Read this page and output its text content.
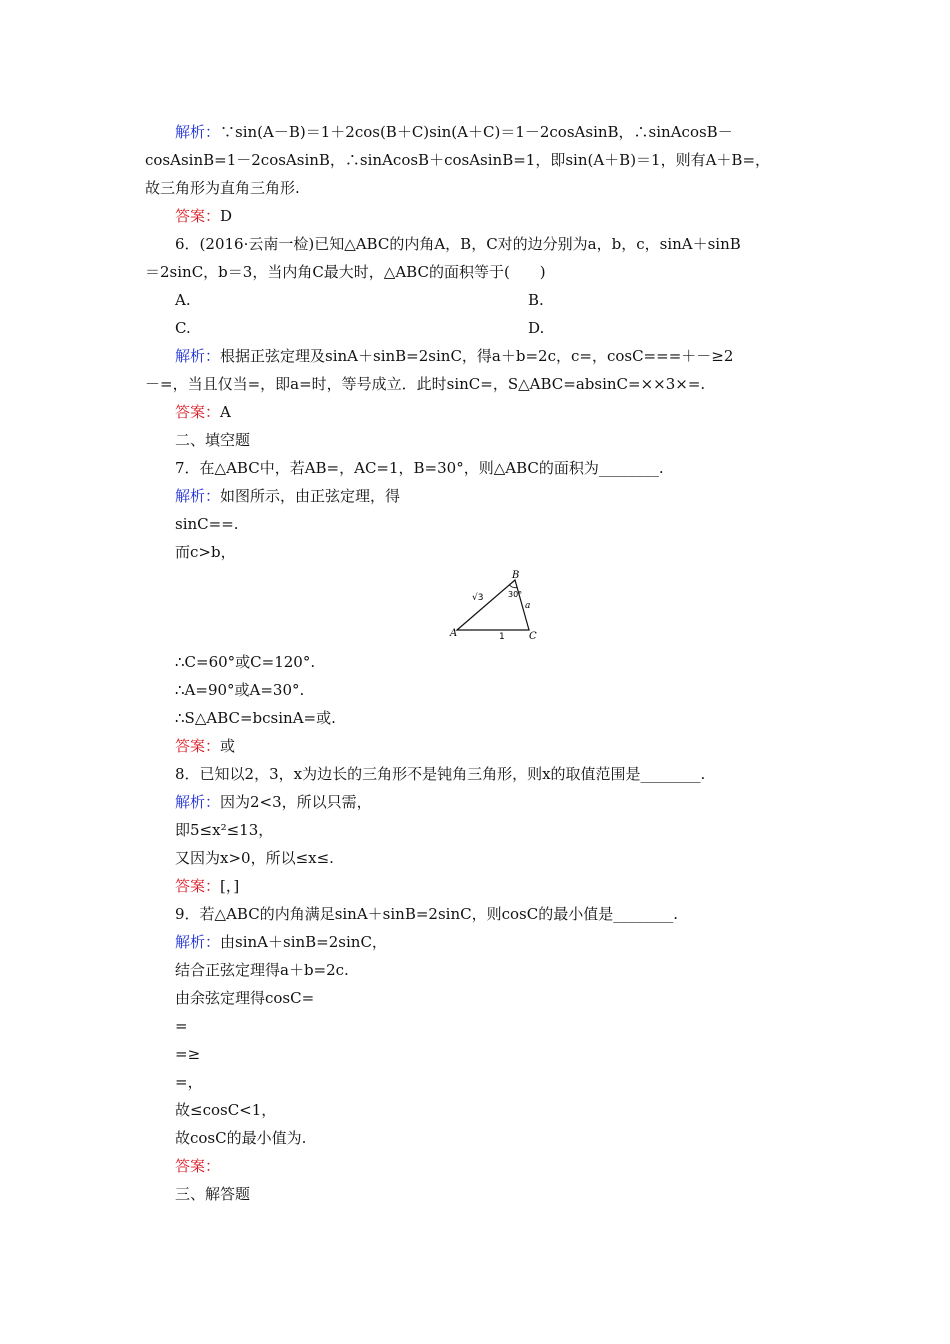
解析：∵sin(A－B)＝1＋2cos(B＋C)sin(A＋C)＝1－2cosAsinB，∴sinAcosB－
cosAsinB=1－2cosAsinB，∴sinAcosB＋cosAsinB=1，即sin(A＋B)＝1，则有A＋B=，
故三角形为直角三角形.
答案：D
6．(2016·云南一检)已知△ABC的内角A，B，C对的边分别为a，b，c，sinA＋sinB
＝2sinC，b＝3，当内角C最大时，△ABC的面积等于(　　)
解析：根据正弦定理及sinA＋sinB=2sinC，得a＋b=2c，c=，cosC===＋－≥2
－=，当且仅当=，即a=时，等号成立．此时sinC=，S△ABC=absinC=××3×=.
答案：A
二、填空题
7．在△ABC中，若AB=，AC=1，B=30°，则△ABC的面积为________.
解析：如图所示，由正弦定理，得
sinC==.
而c>b，
∴C=60°或C=120°.
∴A=90°或A=30°.
∴S△ABC=bcsinA=或.
答案：或
8．已知以2，3，x为边长的三角形不是钝角三角形，则x的取值范围是________.
解析：因为2<3，所以只需，
即5≤x²≤13，
又因为x>0，所以≤x≤.
答案：[，]
9．若△ABC的内角满足sinA＋sinB=2sinC，则cosC的最小值是________.
解析：由sinA＋sinB=2sinC，
结合正弦定理得a＋b=2c.
由余弦定理得cosC=
=
=≥
=，
故≤cosC<1，
故cosC的最小值为.
答案：
三、解答题
A.	B.
C.	D.
A
B
C
√3	30°
a
1
